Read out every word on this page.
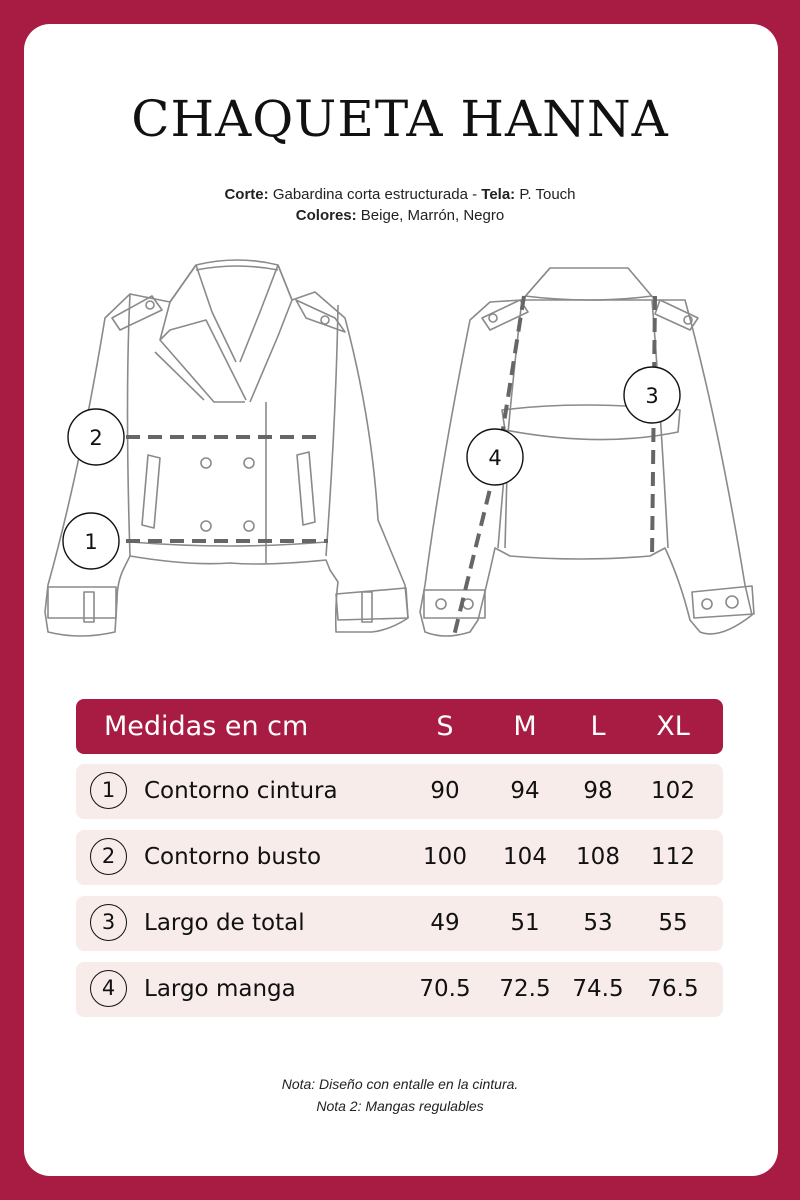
CHAQUETA HANNA
Corte: Gabardina corta estructurada - Tela: P. Touch
Colores: Beige, Marrón, Negro
2
1
3
4
Medidas en cm	S	M	L	XL
1	Contorno cintura	90	94	98	102
2	Contorno busto	100	104	108	112
3	Largo de total	49	51	53	55
4	Largo manga	70.5	72.5 74.5	76.5
Nota: Diseño con entalle en la cintura.
Nota 2: Mangas regulables
